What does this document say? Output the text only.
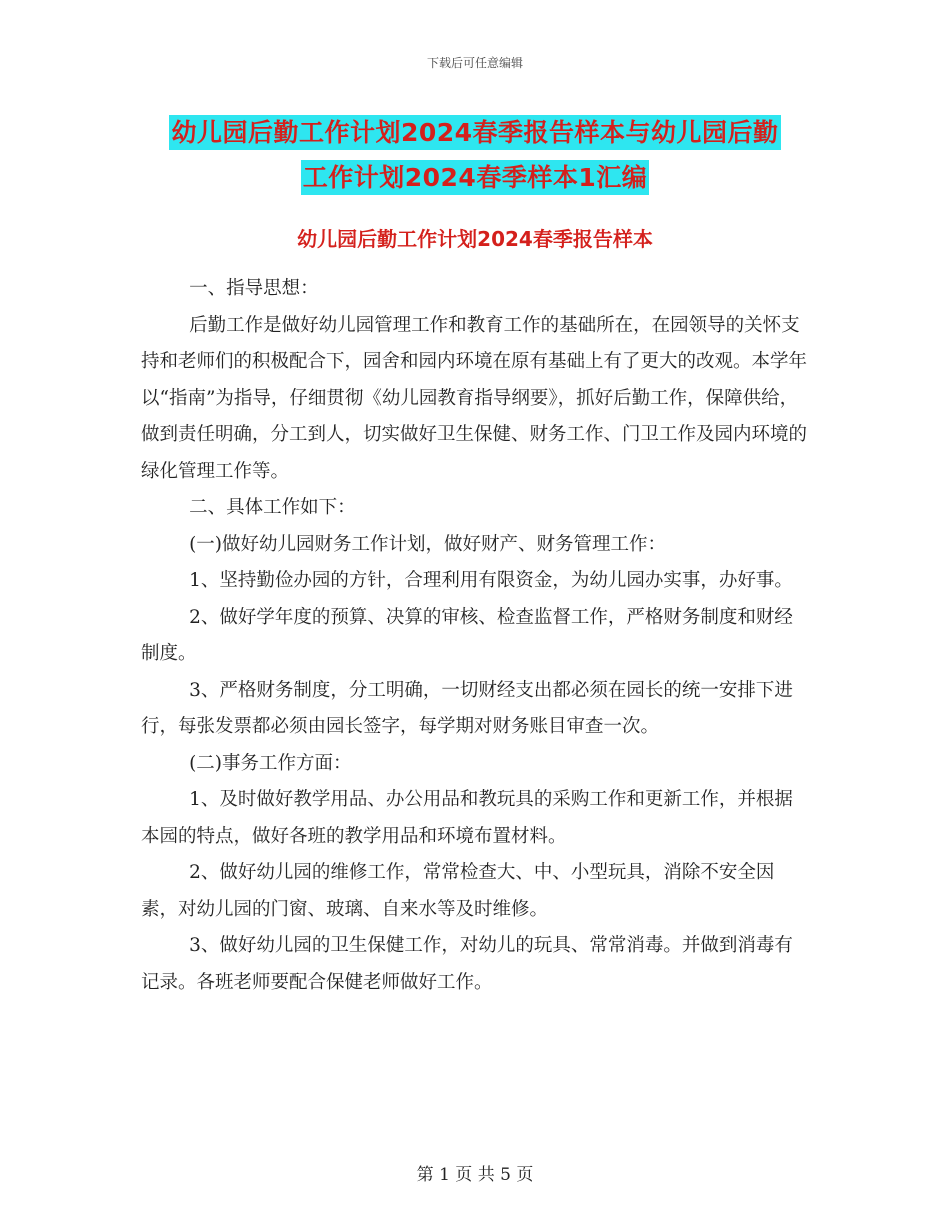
下载后可任意编辑
幼儿园后勤工作计划2024春季报告样本与幼儿园后勤
工作计划2024春季样本1汇编
幼儿园后勤工作计划2024春季报告样本

一、指导思想：

后勤工作是做好幼儿园管理工作和教育工作的基础所在，在园领导的关怀支持和老师们的积极配合下，园舍和园内环境在原有基础上有了更大的改观。本学年以“指南”为指导，仔细贯彻《幼儿园教育指导纲要》，抓好后勤工作，保障供给，做到责任明确，分工到人，切实做好卫生保健、财务工作、门卫工作及园内环境的绿化管理工作等。

二、具体工作如下：

(一)做好幼儿园财务工作计划，做好财产、财务管理工作：

1、坚持勤俭办园的方针，合理利用有限资金，为幼儿园办实事，办好事。

2、做好学年度的预算、决算的审核、检查监督工作，严格财务制度和财经制度。

3、严格财务制度，分工明确，一切财经支出都必须在园长的统一安排下进行，每张发票都必须由园长签字，每学期对财务账目审查一次。

(二)事务工作方面：

1、及时做好教学用品、办公用品和教玩具的采购工作和更新工作，并根据本园的特点，做好各班的教学用品和环境布置材料。

2、做好幼儿园的维修工作，常常检查大、中、小型玩具，消除不安全因素，对幼儿园的门窗、玻璃、自来水等及时维修。

3、做好幼儿园的卫生保健工作，对幼儿的玩具、常常消毒。并做到消毒有记录。各班老师要配合保健老师做好工作。

第 1 页 共 5 页
